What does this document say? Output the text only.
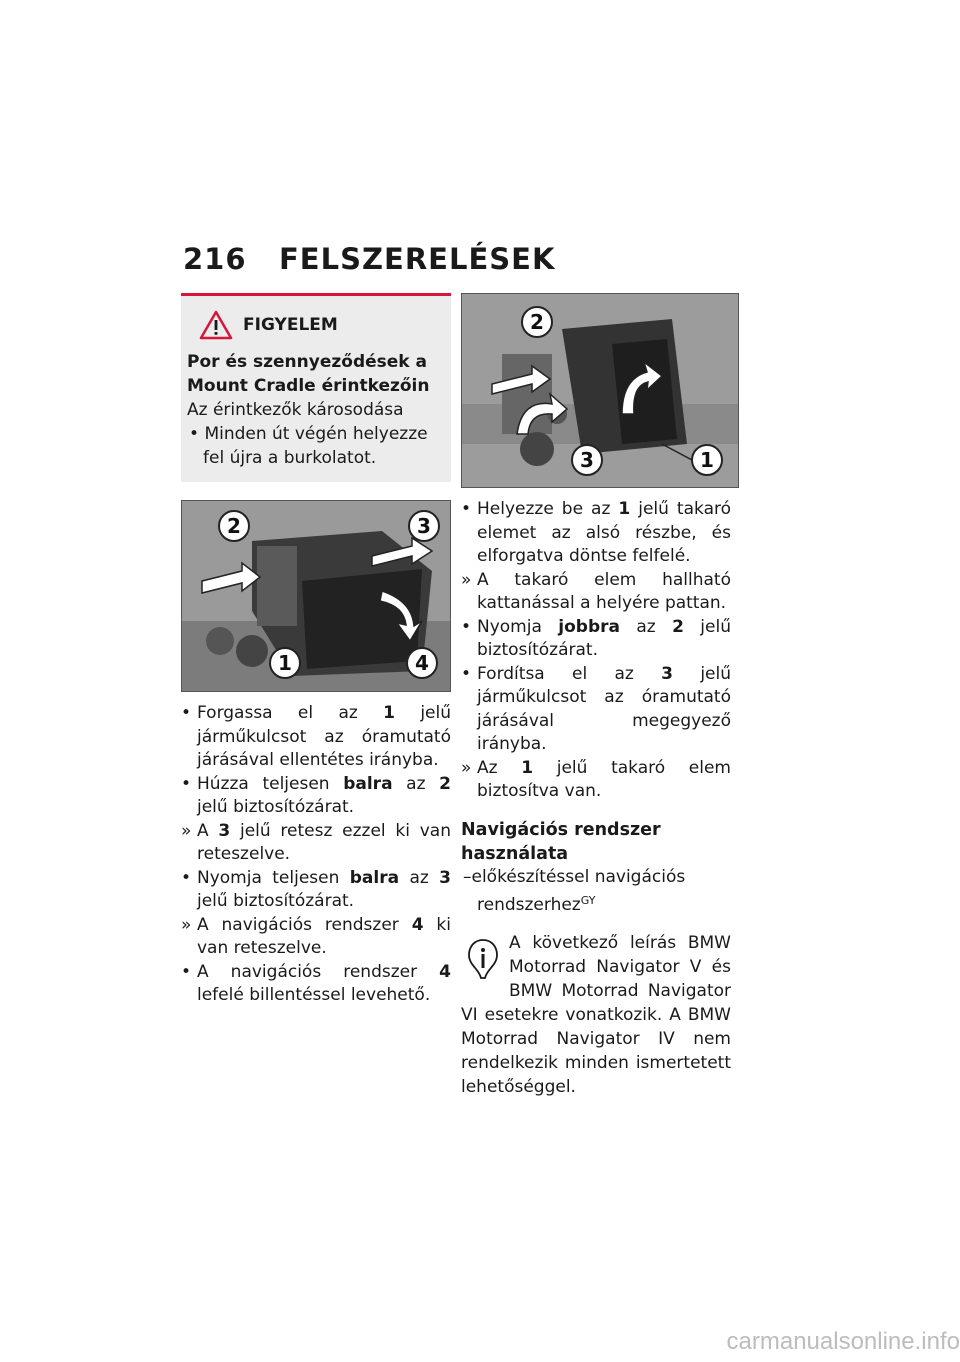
216	FELSZERELÉSEK
FIGYELEM
Por és szennyeződések a
Mount Cradle érintkezőin
Az érintkezők károsodása
• Minden út végén helyezze fel újra a burkolatot.
2	3
1	4
• Forgassa el az 1 jelű járműkulcsot az óramutató járásával ellentétes irányba.
• Húzza teljesen balra az 2 jelű biztosítózárat.
» A 3 jelű retesz ezzel ki van reteszelve.
• Nyomja teljesen balra az 3 jelű biztosítózárat.
» A navigációs rendszer 4 ki van reteszelve.
• A navigációs rendszer 4 lefelé billentéssel levehető.
2
3	1
• Helyezze be az 1 jelű takaró elemet az alsó részbe, és elforgatva döntse felfelé.
» A takaró elem hallható kattanással a helyére pattan.
• Nyomja jobbra az 2 jelű biztosítózárat.
• Fordítsa el az 3 jelű járműkulcsot az óramutató járásával megegyező irányba.
» Az 1 jelű takaró elem biztosítva van.
Navigációs rendszer használata
–előkészítéssel navigációs rendszerhez$^{GY}$
A következő leírás BMW Motorrad Navigator V és BMW Motorrad Navigator VI esetekre vonatkozik. A BMW Motorrad Navigator IV nem rendelkezik minden ismertetett lehetőséggel.
carmanualsonline.info
